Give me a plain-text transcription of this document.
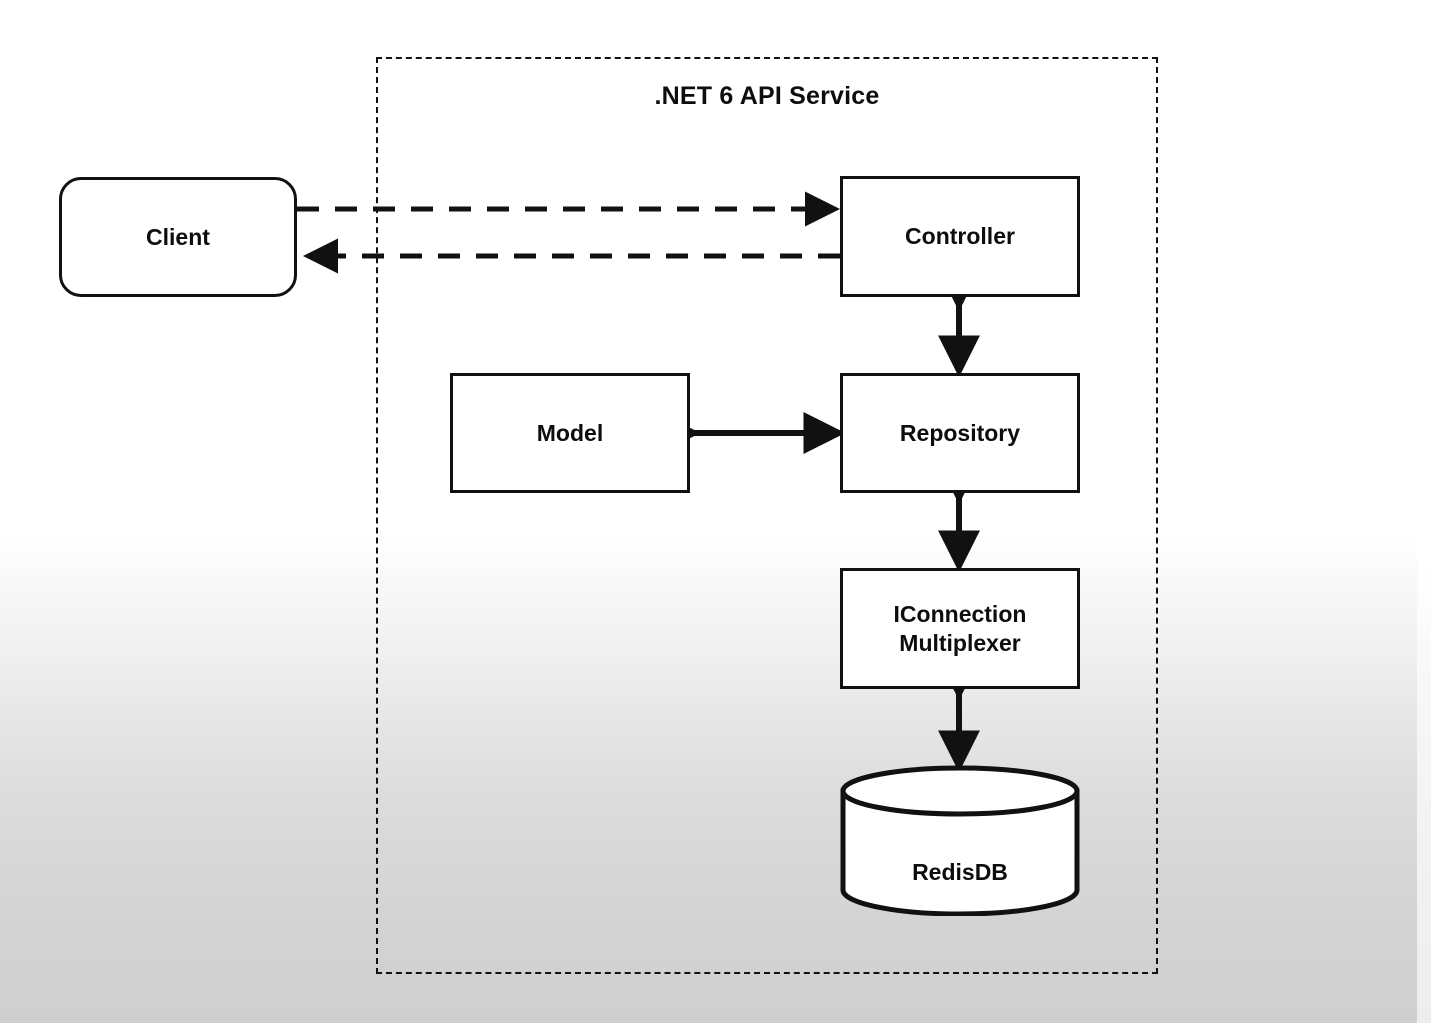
.NET 6 API Service
Client	Controller
Model	Repository
IConnection
Multiplexer
RedisDB
